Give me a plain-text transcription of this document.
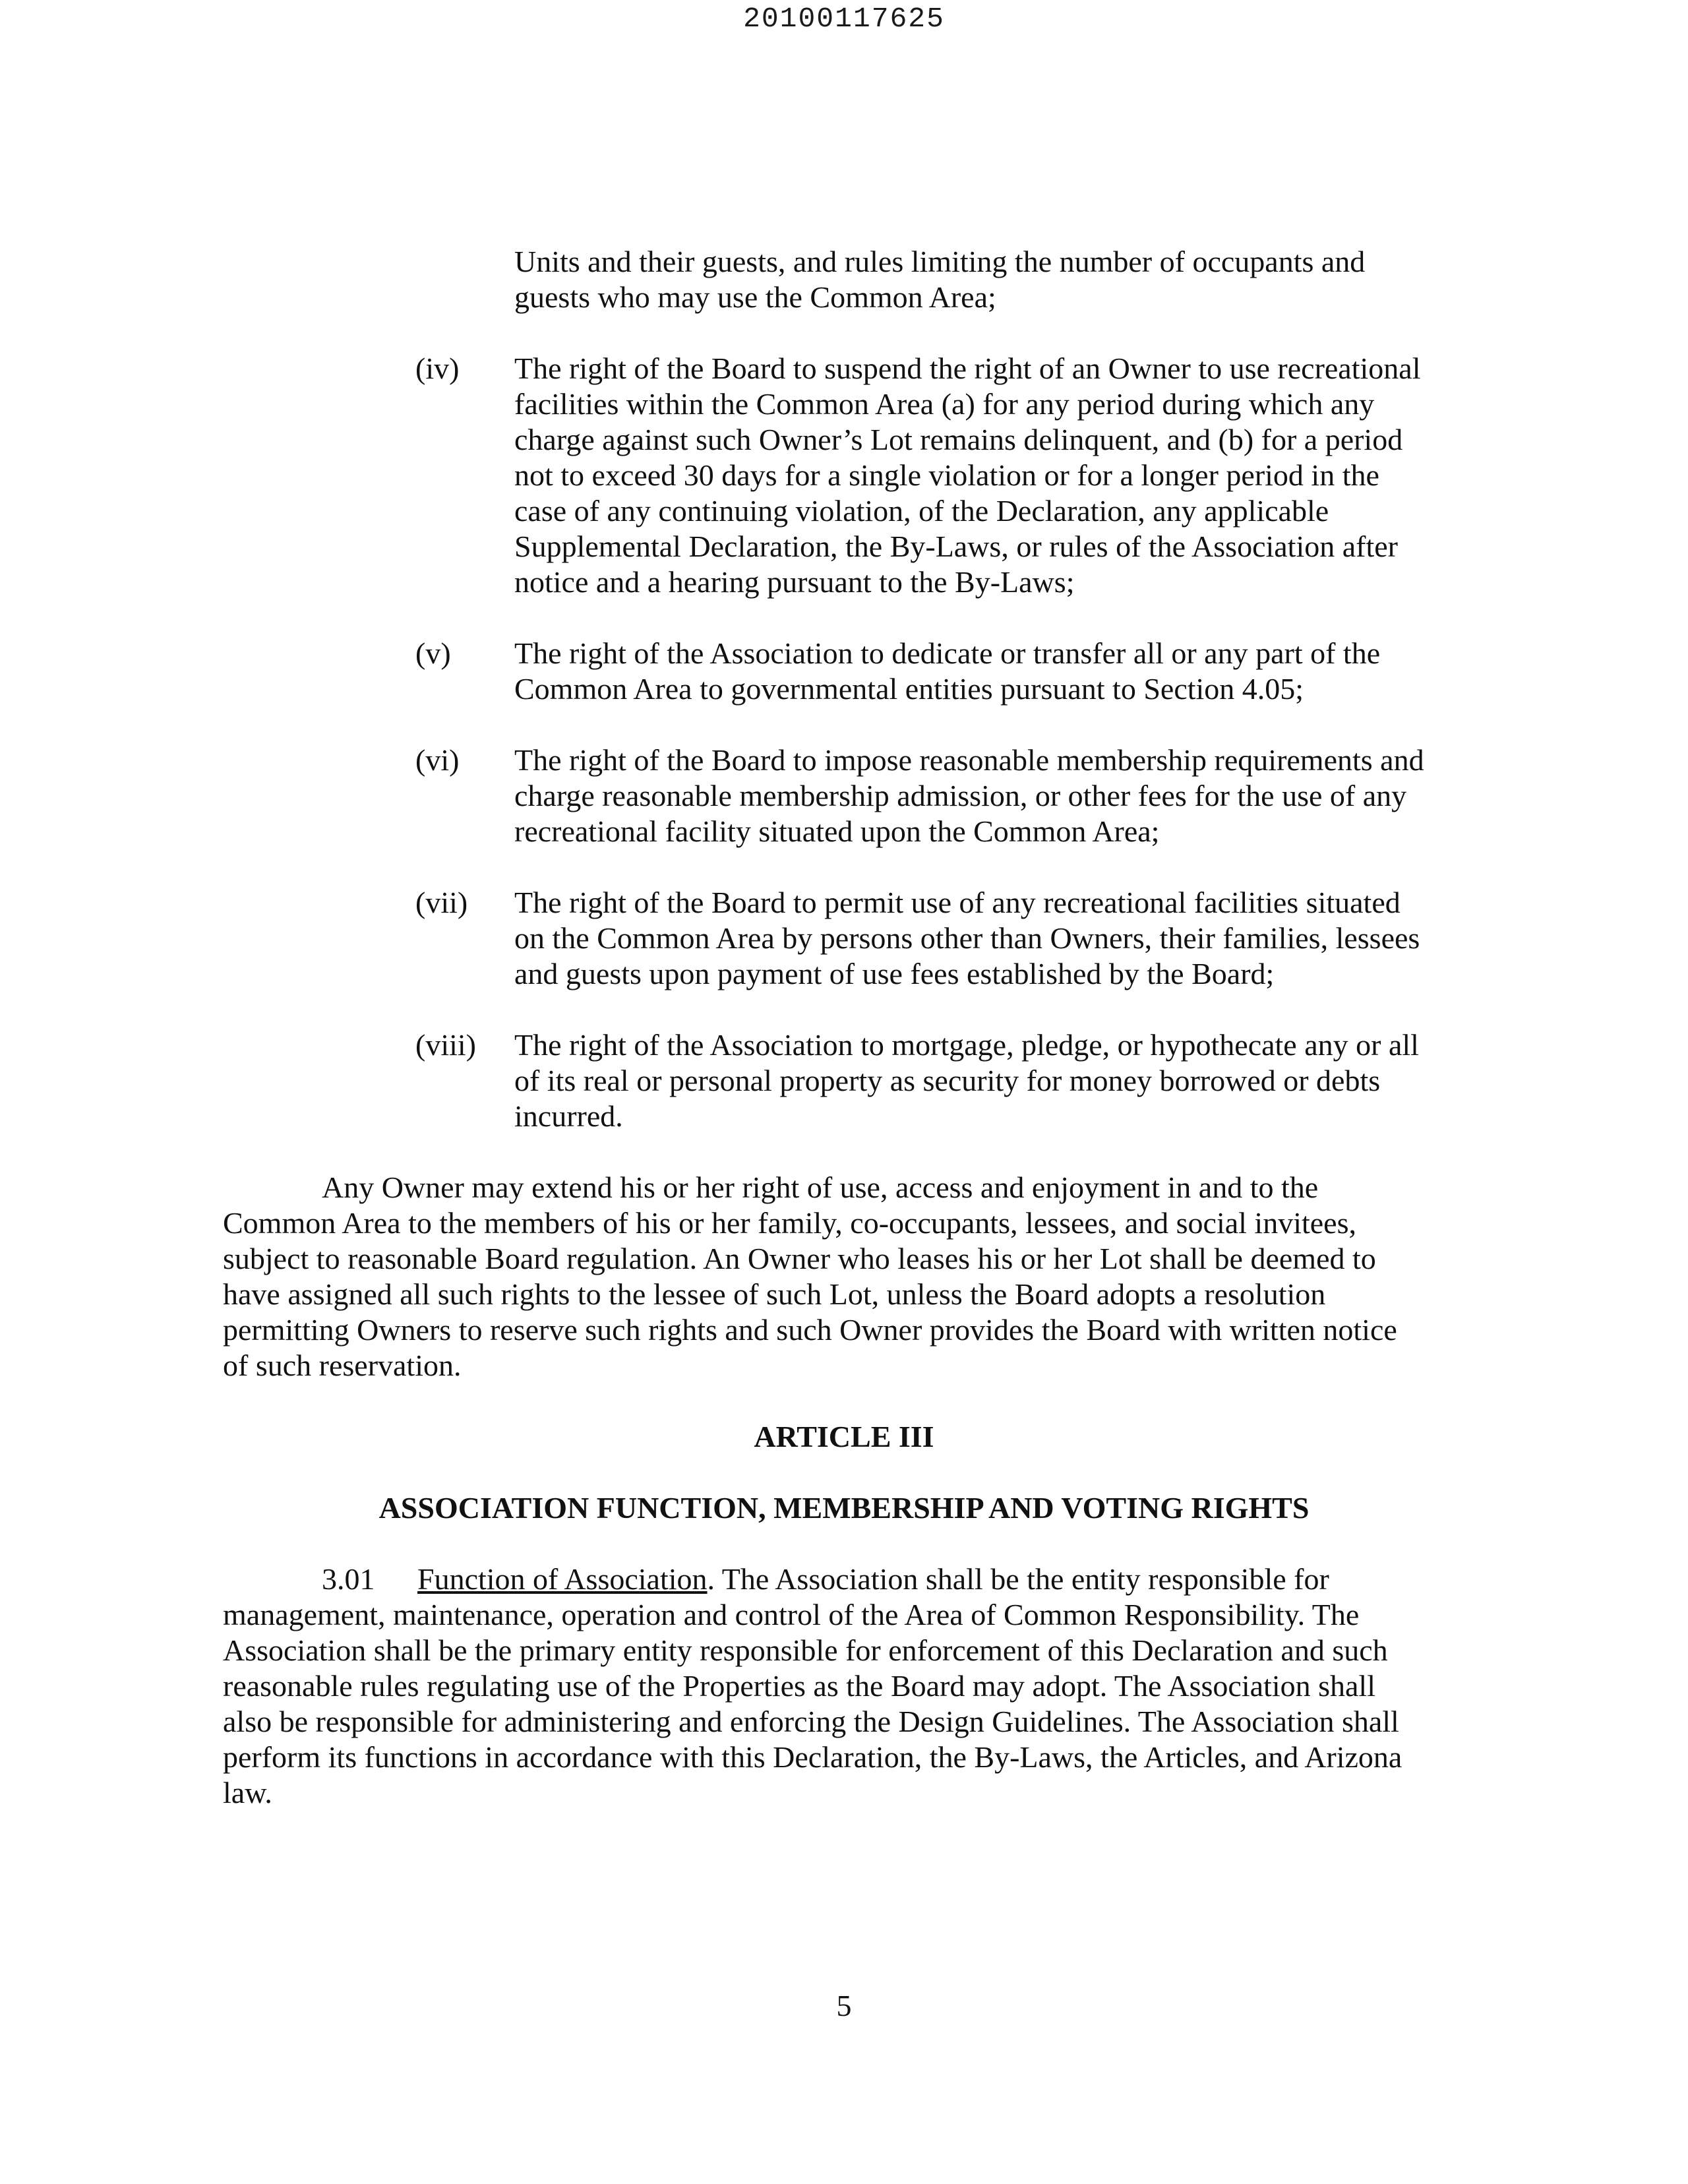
20100117625
Units and their guests, and rules limiting the number of occupants and
guests who may use the Common Area;
(iv) The right of the Board to suspend the right of an Owner to use recreational
facilities within the Common Area (a) for any period during which any
charge against such Owner’s Lot remains delinquent, and (b) for a period
not to exceed 30 days for a single violation or for a longer period in the
case of any continuing violation, of the Declaration, any applicable
Supplemental Declaration, the By-Laws, or rules of the Association after
notice and a hearing pursuant to the By-Laws;
(v) The right of the Association to dedicate or transfer all or any part of the
Common Area to governmental entities pursuant to Section 4.05;
(vi) The right of the Board to impose reasonable membership requirements and
charge reasonable membership admission, or other fees for the use of any
recreational facility situated upon the Common Area;
(vii) The right of the Board to permit use of any recreational facilities situated
on the Common Area by persons other than Owners, their families, lessees
and guests upon payment of use fees established by the Board;
(viii) The right of the Association to mortgage, pledge, or hypothecate any or all
of its real or personal property as security for money borrowed or debts
incurred.
Any Owner may extend his or her right of use, access and enjoyment in and to the
Common Area to the members of his or her family, co-occupants, lessees, and social invitees,
subject to reasonable Board regulation. An Owner who leases his or her Lot shall be deemed to
have assigned all such rights to the lessee of such Lot, unless the Board adopts a resolution
permitting Owners to reserve such rights and such Owner provides the Board with written notice
of such reservation.
ARTICLE III
ASSOCIATION FUNCTION, MEMBERSHIP AND VOTING RIGHTS
3.01 Function of Association. The Association shall be the entity responsible for
management, maintenance, operation and control of the Area of Common Responsibility. The
Association shall be the primary entity responsible for enforcement of this Declaration and such
reasonable rules regulating use of the Properties as the Board may adopt. The Association shall
also be responsible for administering and enforcing the Design Guidelines. The Association shall
perform its functions in accordance with this Declaration, the By-Laws, the Articles, and Arizona
law.
5
